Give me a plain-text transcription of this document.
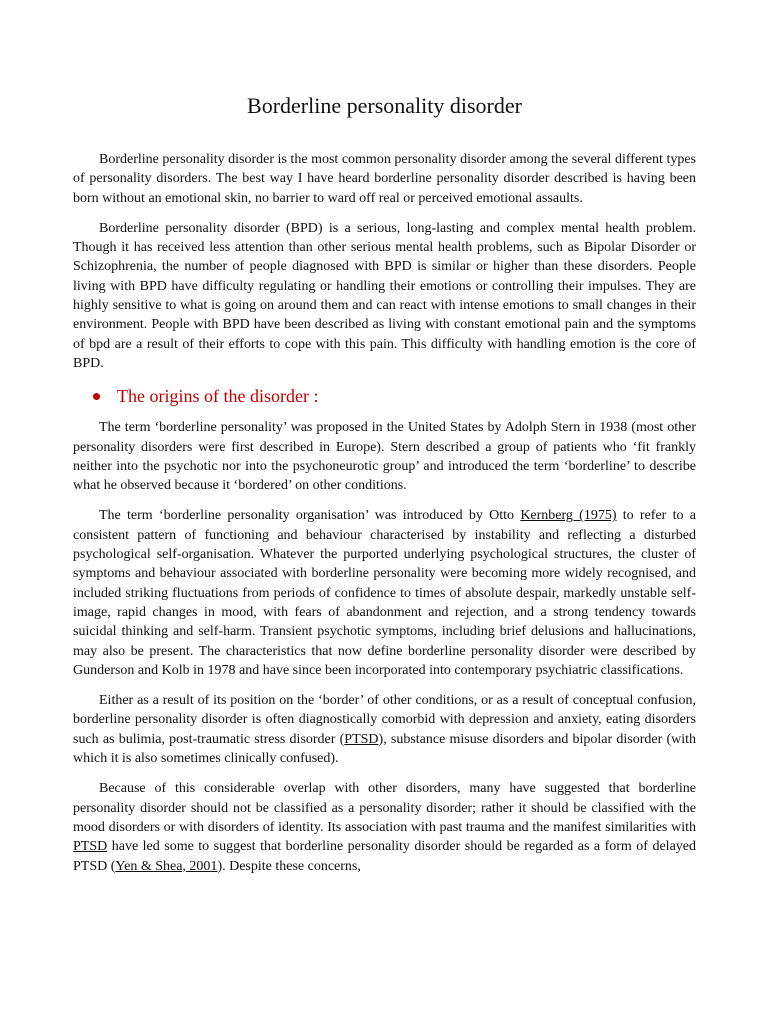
Borderline personality disorder

Borderline personality disorder is the most common personality disorder among the several different types of personality disorders. The best way I have heard borderline personality disorder described is having been born without an emotional skin, no barrier to ward off real or perceived emotional assaults.

Borderline personality disorder (BPD) is a serious, long-lasting and complex mental health problem. Though it has received less attention than other serious mental health problems, such as Bipolar Disorder or Schizophrenia, the number of people diagnosed with BPD is similar or higher than these disorders. People living with BPD have difficulty regulating or handling their emotions or controlling their impulses. They are highly sensitive to what is going on around them and can react with intense emotions to small changes in their environment. People with BPD have been described as living with constant emotional pain and the symptoms of bpd are a result of their efforts to cope with this pain. This difficulty with handling emotion is the core of BPD.

The origins of the disorder :

The term ‘borderline personality’ was proposed in the United States by Adolph Stern in 1938 (most other personality disorders were first described in Europe). Stern described a group of patients who ‘fit frankly neither into the psychotic nor into the psychoneurotic group’ and introduced the term ‘borderline’ to describe what he observed because it ‘bordered’ on other conditions.

The term ‘borderline personality organisation’ was introduced by Otto Kernberg (1975) to refer to a consistent pattern of functioning and behaviour characterised by instability and reflecting a disturbed psychological self-organisation. Whatever the purported underlying psychological structures, the cluster of symptoms and behaviour associated with borderline personality were becoming more widely recognised, and included striking fluctuations from periods of confidence to times of absolute despair, markedly unstable self-image, rapid changes in mood, with fears of abandonment and rejection, and a strong tendency towards suicidal thinking and self-harm. Transient psychotic symptoms, including brief delusions and hallucinations, may also be present. The characteristics that now define borderline personality disorder were described by Gunderson and Kolb in 1978 and have since been incorporated into contemporary psychiatric classifications.

Either as a result of its position on the ‘border’ of other conditions, or as a result of conceptual confusion, borderline personality disorder is often diagnostically comorbid with depression and anxiety, eating disorders such as bulimia, post-traumatic stress disorder (PTSD), substance misuse disorders and bipolar disorder (with which it is also sometimes clinically confused).

Because of this considerable overlap with other disorders, many have suggested that borderline personality disorder should not be classified as a personality disorder; rather it should be classified with the mood disorders or with disorders of identity. Its association with past trauma and the manifest similarities with PTSD have led some to suggest that borderline personality disorder should be regarded as a form of delayed PTSD (Yen & Shea, 2001). Despite these concerns,
